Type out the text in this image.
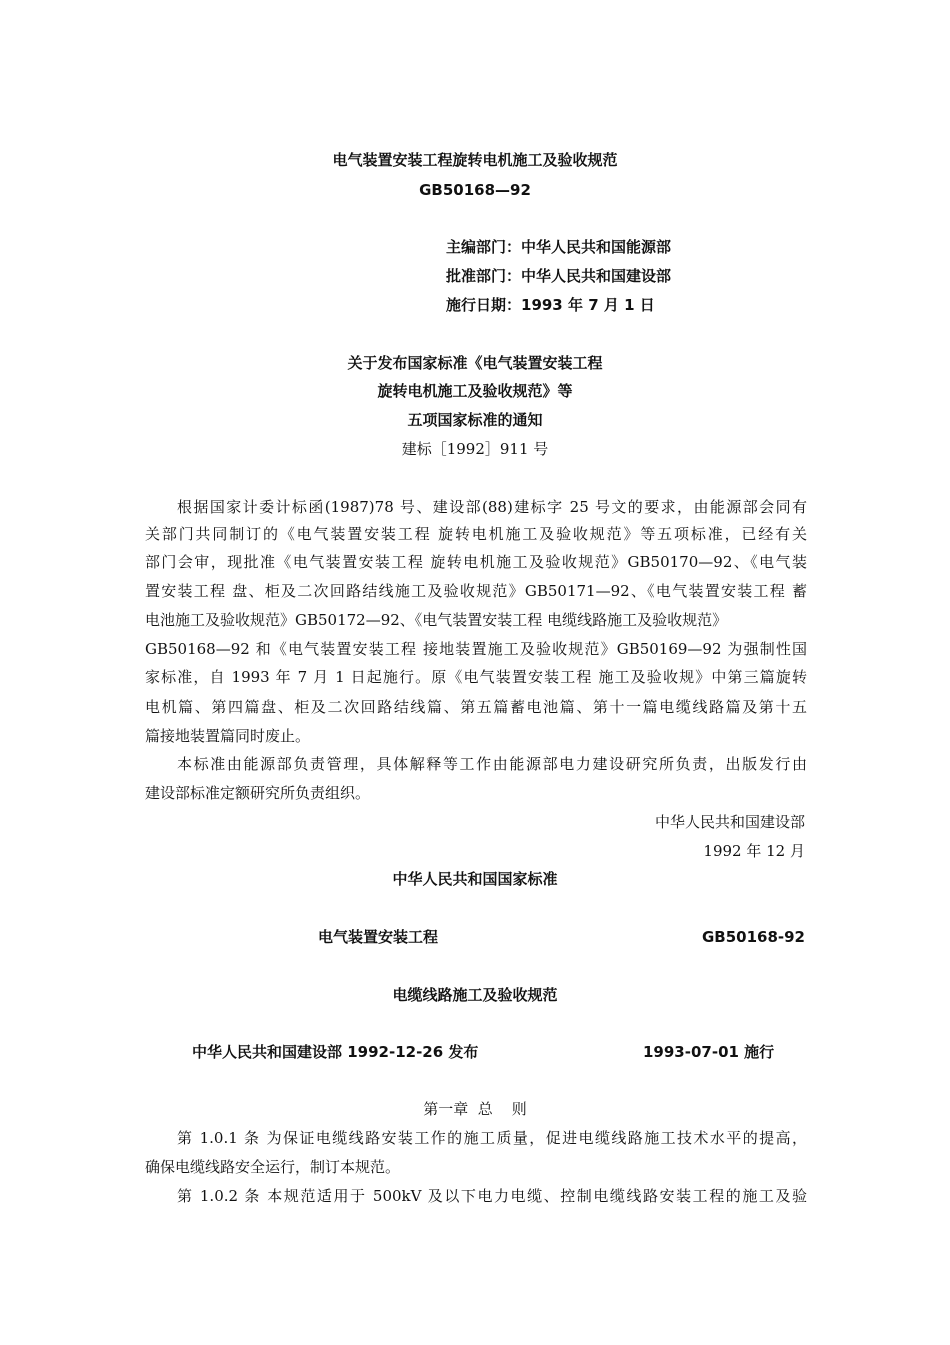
电气装置安装工程旋转电机施工及验收规范
GB50168—92
主编部门：中华人民共和国能源部
批准部门：中华人民共和国建设部
施行日期：1993 年 7 月 1 日
关于发布国家标准《电气装置安装工程
旋转电机施工及验收规范》等
五项国家标准的通知
建标［1992］911 号
根据国家计委计标函(1987)78 号、建设部(88)建标字 25 号文的要求，由能源部会同有
关部门共同制订的《电气装置安装工程 旋转电机施工及验收规范》等五项标准，已经有关
部门会审，现批准《电气装置安装工程 旋转电机施工及验收规范》GB50170—92、《电气装
置安装工程 盘、柜及二次回路结线施工及验收规范》GB50171—92、《电气装置安装工程 蓄
电池施工及验收规范》GB50172—92、《电气装置安装工程 电缆线路施工及验收规范》
GB50168—92 和《电气装置安装工程 接地装置施工及验收规范》GB50169—92 为强制性国
家标准，自 1993 年 7 月 1 日起施行。原《电气装置安装工程 施工及验收规》中第三篇旋转
电机篇、第四篇盘、柜及二次回路结线篇、第五篇蓄电池篇、第十一篇电缆线路篇及第十五
篇接地装置篇同时废止。
本标准由能源部负责管理，具体解释等工作由能源部电力建设研究所负责，出版发行由
建设部标准定额研究所负责组织。
中华人民共和国建设部
1992 年 12 月
中华人民共和国国家标准
电气装置安装工程	GB50168-92
电缆线路施工及验收规范
中华人民共和国建设部 1992-12-26 发布	1993-07-01 施行
第一章  总    则
第 1.0.1 条 为保证电缆线路安装工作的施工质量，促进电缆线路施工技术水平的提高，
确保电缆线路安全运行，制订本规范。
第 1.0.2 条 本规范适用于 500kV 及以下电力电缆、控制电缆线路安装工程的施工及验
